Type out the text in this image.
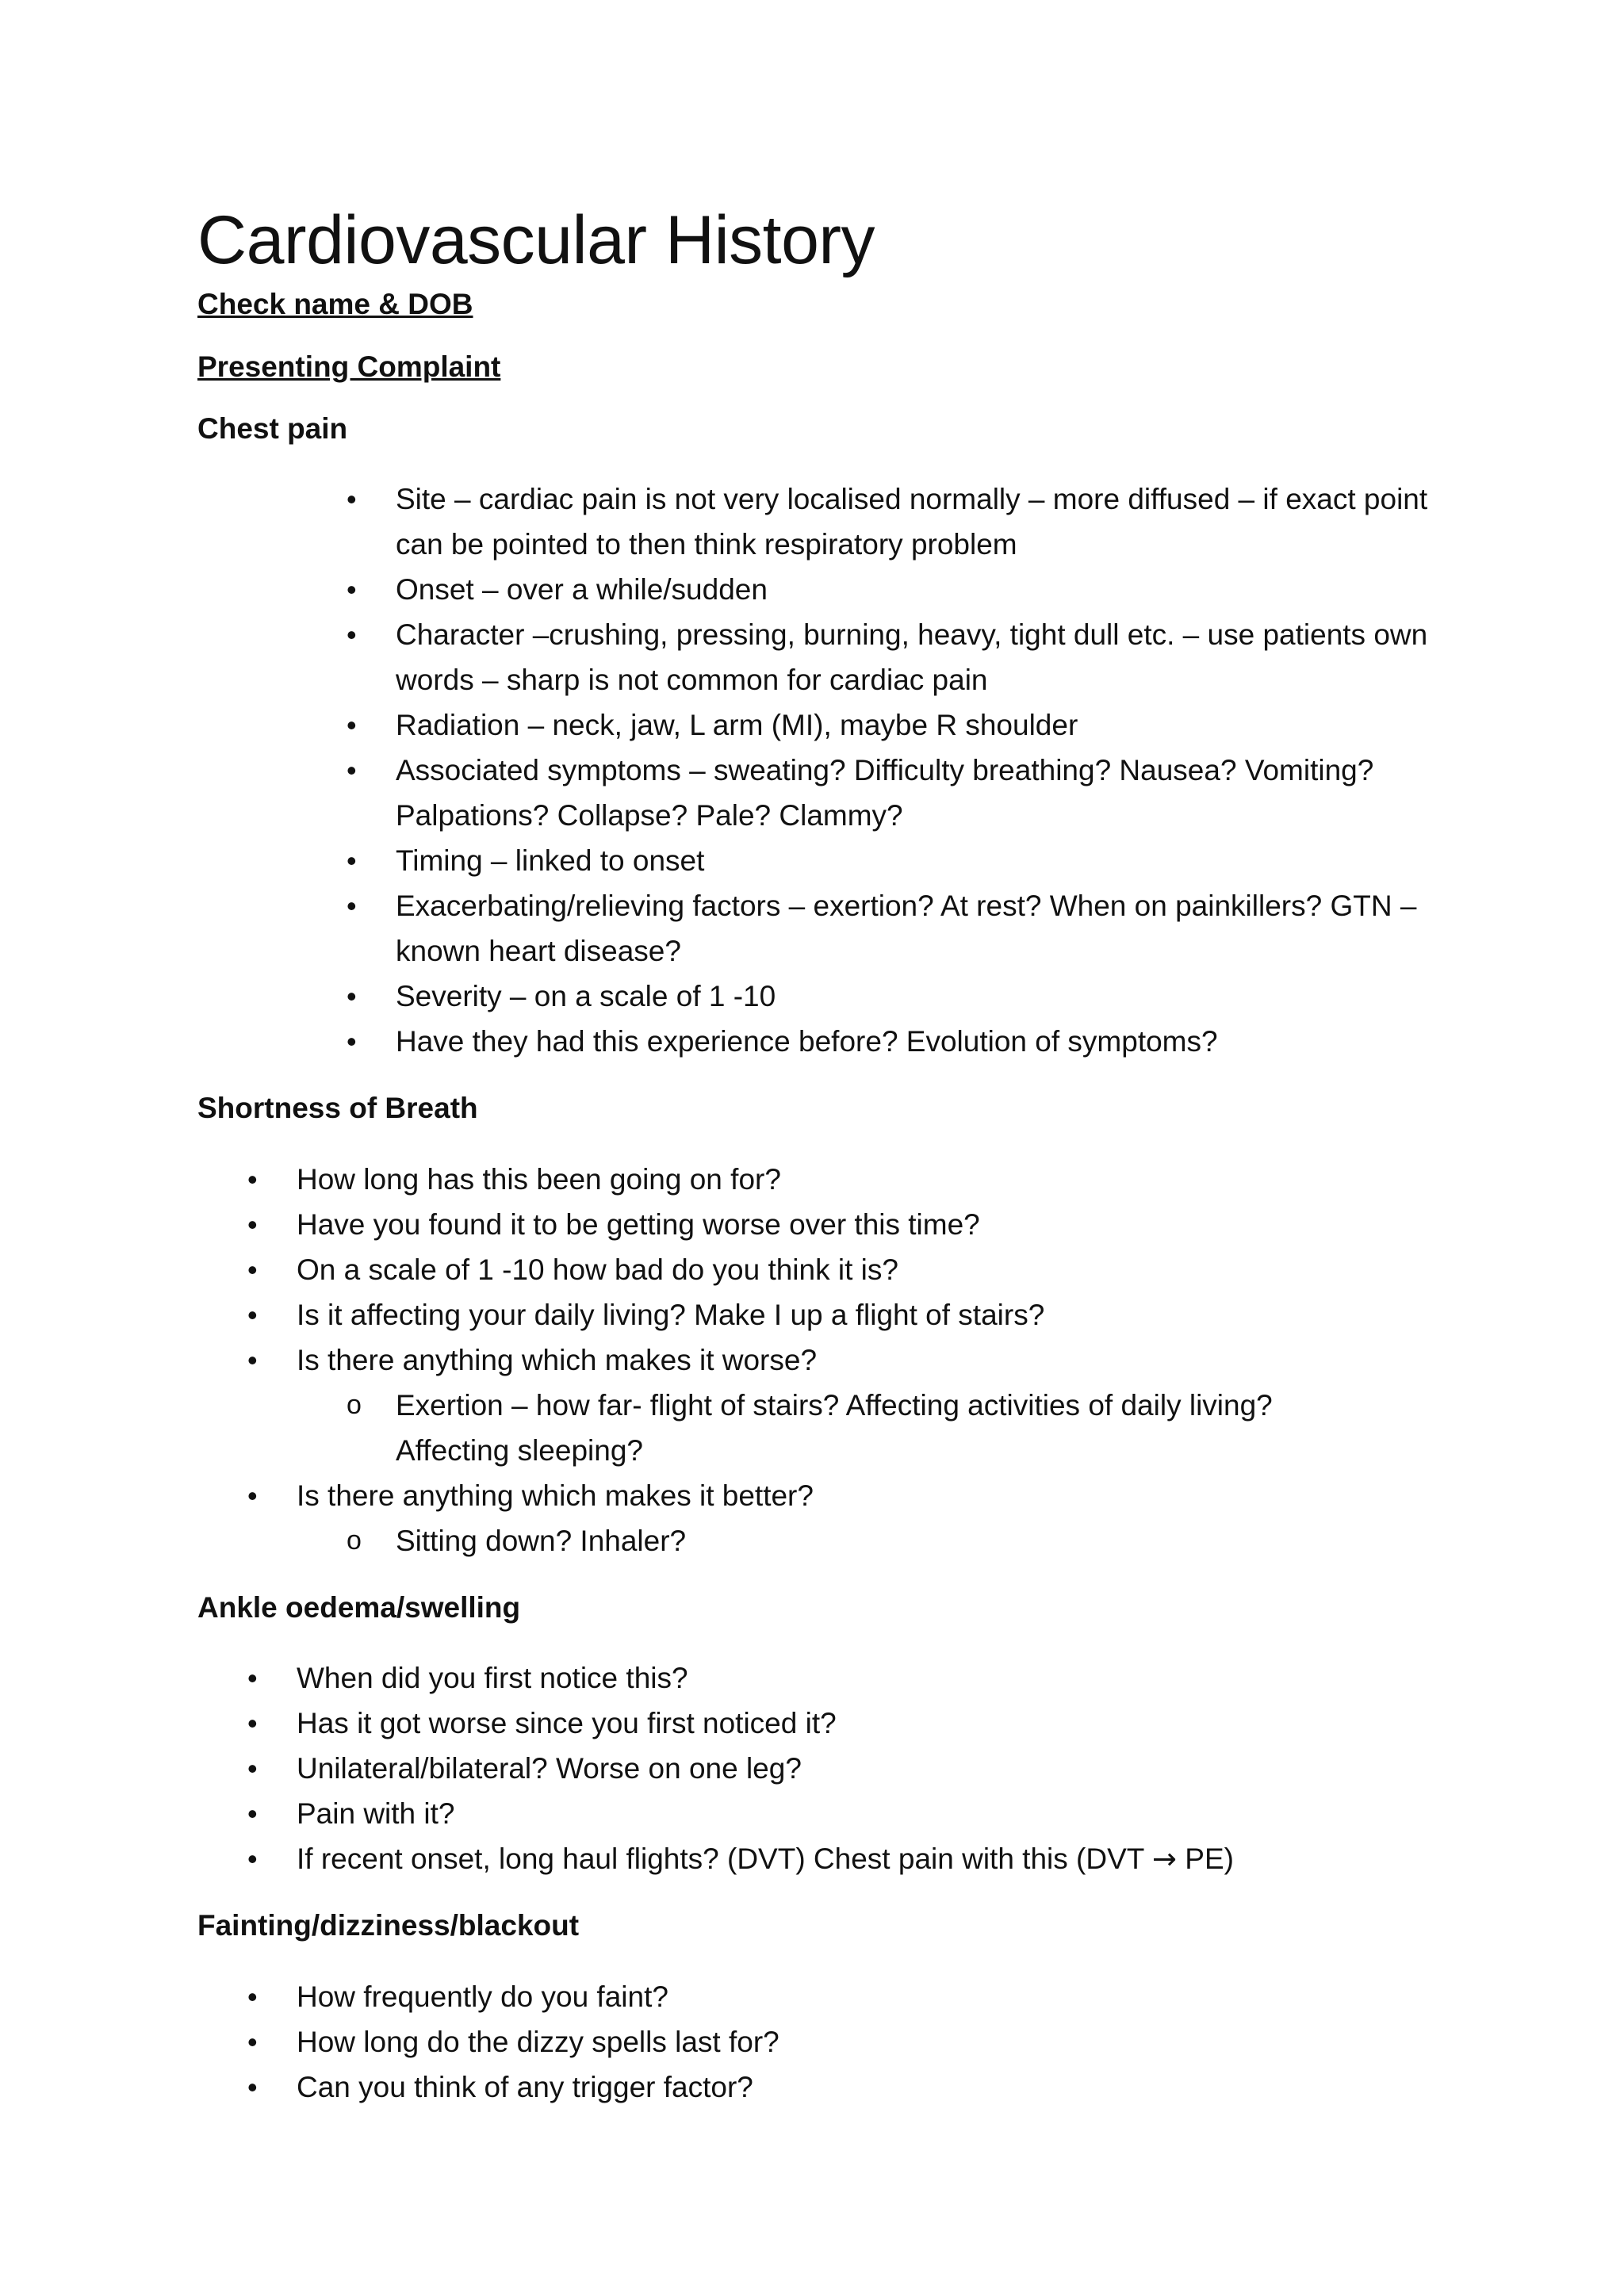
Cardiovascular History

Check name & DOB

Presenting Complaint

Chest pain

• Site – cardiac pain is not very localised normally – more diffused – if exact point can be pointed to then think respiratory problem
• Onset – over a while/sudden
• Character –crushing, pressing, burning, heavy, tight dull etc. – use patients own words – sharp is not common for cardiac pain
• Radiation – neck, jaw, L arm (MI), maybe R shoulder
• Associated symptoms – sweating? Difficulty breathing? Nausea? Vomiting? Palpations? Collapse? Pale? Clammy?
• Timing – linked to onset
• Exacerbating/relieving factors – exertion? At rest? When on painkillers? GTN – known heart disease?
• Severity – on a scale of 1 -10
• Have they had this experience before? Evolution of symptoms?

Shortness of Breath

• How long has this been going on for?
• Have you found it to be getting worse over this time?
• On a scale of 1 -10 how bad do you think it is?
• Is it affecting your daily living? Make I up a flight of stairs?
• Is there anything which makes it worse?
o Exertion – how far- flight of stairs? Affecting activities of daily living? Affecting sleeping?
• Is there anything which makes it better?
o Sitting down? Inhaler?

Ankle oedema/swelling

• When did you first notice this?
• Has it got worse since you first noticed it?
• Unilateral/bilateral? Worse on one leg?
• Pain with it?
• If recent onset, long haul flights? (DVT) Chest pain with this (DVT → PE)

Fainting/dizziness/blackout

• How frequently do you faint?
• How long do the dizzy spells last for?
• Can you think of any trigger factor?
